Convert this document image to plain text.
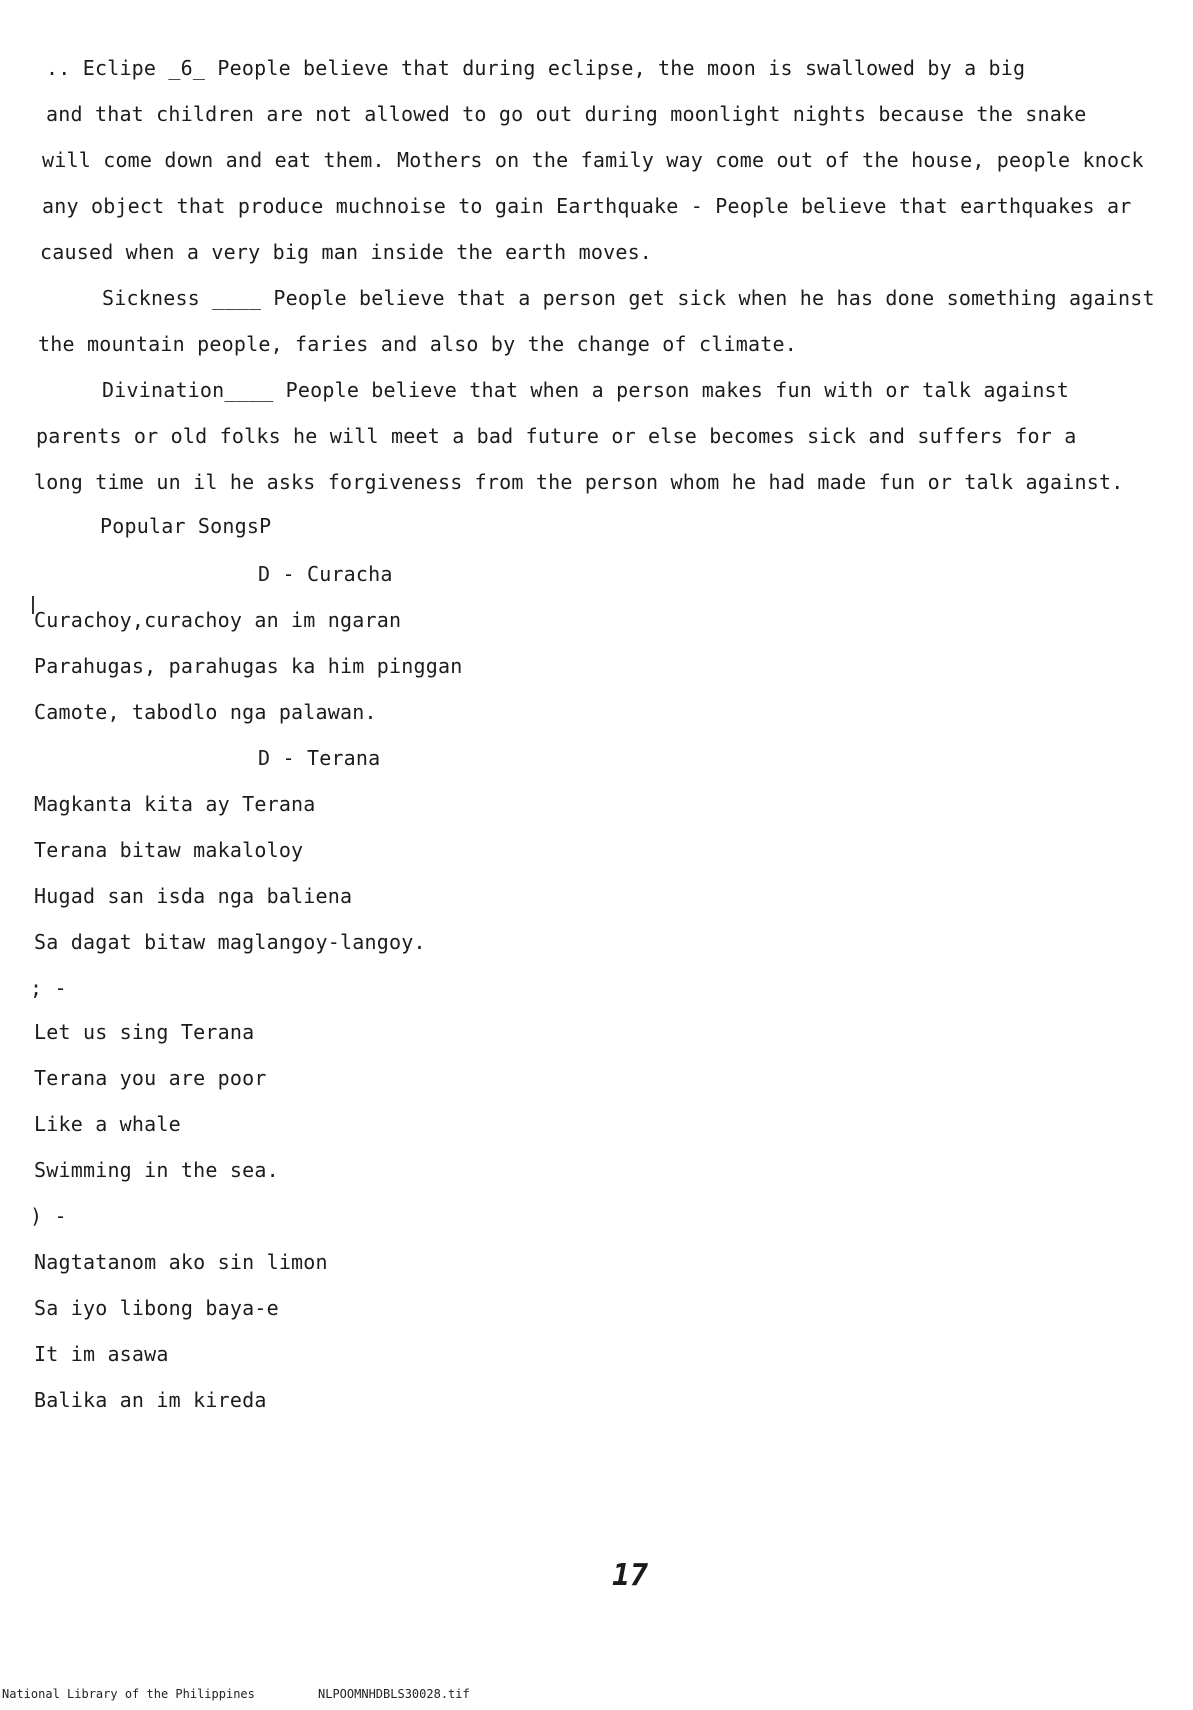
.. Eclipe _6_ People believe that during eclipse, the moon is swallowed by a big
and that children are not allowed to go out during moonlight nights because the snake
will come down and eat them. Mothers on the family way come out of the house, people knock
any object that produce muchnoise to gain Earthquake - People believe that earthquakes ar
caused when a very big man inside the earth moves.
Sickness ____ People believe that a person get sick when he has done something against
the mountain people, faries and also by the change of climate.
Divination____ People believe that when a person makes fun with or talk against
parents or old folks he will meet a bad future or else becomes sick and suffers for a
long time un il he asks forgiveness from the person whom he had made fun or talk against.
Popular SongsP
D - Curacha
Curachoy,curachoy an im ngaran
Parahugas, parahugas ka him pinggan
Camote, tabodlo nga palawan.
D - Terana
Magkanta kita ay Terana
Terana bitaw makaloloy
Hugad san isda nga baliena
Sa dagat bitaw maglangoy-langoy.
; -
Let us sing Terana
Terana you are poor
Like a whale
Swimming in the sea.
) -
Nagtatanom ako sin limon
Sa iyo libong baya-e
It im asawa
Balika an im kireda
17
National Library of the Philippines	NLPOOMNHDBLS30028.tif
